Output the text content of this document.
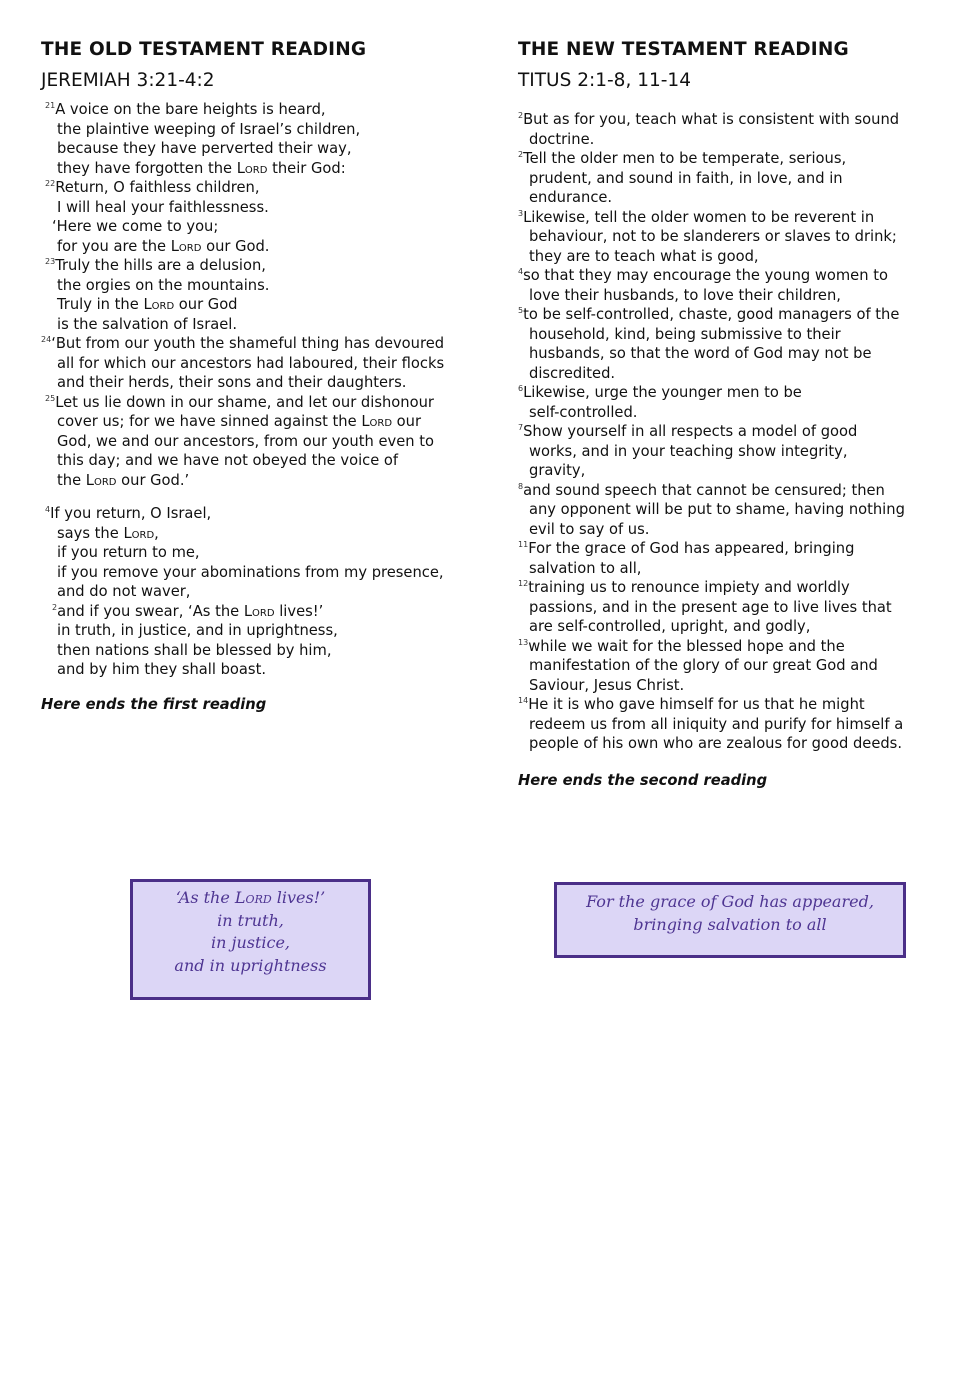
THE OLD TESTAMENT READING
JEREMIAH 3:21-4:2
$^{21}$A voice on the bare heights is heard,
the plaintive weeping of Israel’s children,
because they have perverted their way,
they have forgotten the Lord their God:
$^{22}$Return, O faithless children,
I will heal your faithlessness.
‘Here we come to you;
for you are the Lord our God.
$^{23}$Truly the hills are a delusion,
the orgies on the mountains.
Truly in the Lord our God
is the salvation of Israel.
$^{24}$‘But from our youth the shameful thing has devoured
all for which our ancestors had laboured, their flocks
and their herds, their sons and their daughters.
$^{25}$Let us lie down in our shame, and let our dishonour
cover us; for we have sinned against the Lord our
God, we and our ancestors, from our youth even to
this day; and we have not obeyed the voice of
the Lord our God.’
$^4$If you return, O Israel,
says the Lord,
if you return to me,
if you remove your abominations from my presence,
and do not waver,
$^2$and if you swear, ‘As the Lord lives!’
in truth, in justice, and in uprightness,
then nations shall be blessed by him,
and by him they shall boast.
Here ends the first reading
THE NEW TESTAMENT READING
TITUS 2:1-8, 11-14
$^2$But as for you, teach what is consistent with sound
doctrine.
$^2$Tell the older men to be temperate, serious,
prudent, and sound in faith, in love, and in
endurance.
$^3$Likewise, tell the older women to be reverent in
behaviour, not to be slanderers or slaves to drink;
they are to teach what is good,
$^4$so that they may encourage the young women to
love their husbands, to love their children,
$^5$to be self-controlled, chaste, good managers of the
household, kind, being submissive to their
husbands, so that the word of God may not be
discredited.
$^6$Likewise, urge the younger men to be
self-controlled.
$^7$Show yourself in all respects a model of good
works, and in your teaching show integrity,
gravity,
$^8$and sound speech that cannot be censured; then
any opponent will be put to shame, having nothing
evil to say of us.
$^{11}$For the grace of God has appeared, bringing
salvation to all,
$^{12}$training us to renounce impiety and worldly
passions, and in the present age to live lives that
are self-controlled, upright, and godly,
$^{13}$while we wait for the blessed hope and the
manifestation of the glory of our great God and
Saviour, Jesus Christ.
$^{14}$He it is who gave himself for us that he might
redeem us from all iniquity and purify for himself a
people of his own who are zealous for good deeds.
Here ends the second reading
‘As the Lord lives!’
in truth,
in justice,
and in uprightness
For the grace of God has appeared,
bringing salvation to all
